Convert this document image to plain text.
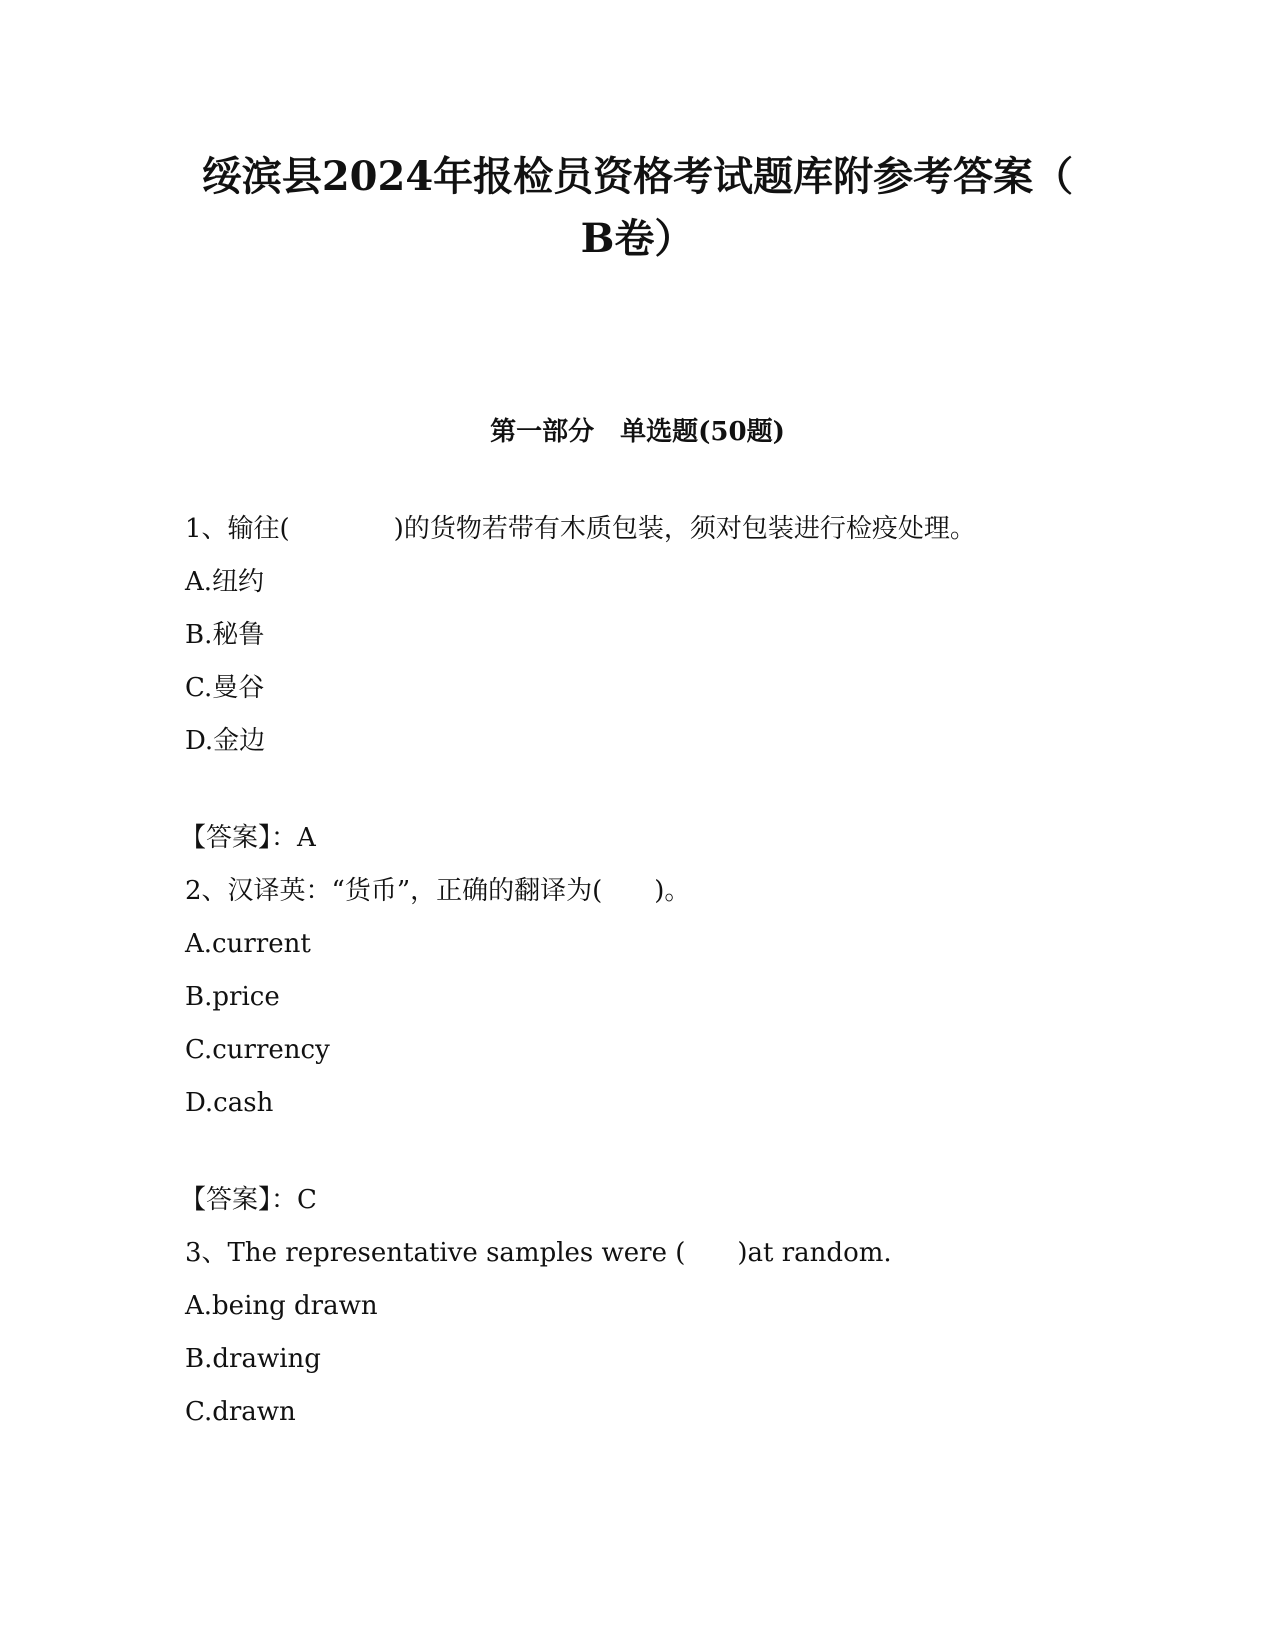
绥滨县2024年报检员资格考试题库附参考答案（
B卷）
第一部分　单选题(50题)

1、输往(　　　　)的货物若带有木质包装，须对包装进行检疫处理。

A.纽约

B.秘鲁

C.曼谷

D.金边

【答案】：A

2、汉译英：“货币”，正确的翻译为(　　)。

A.current

B.price

C.currency

D.cash

【答案】：C

3、The representative samples were (　　)at random.

A.being drawn

B.drawing

C.drawn
